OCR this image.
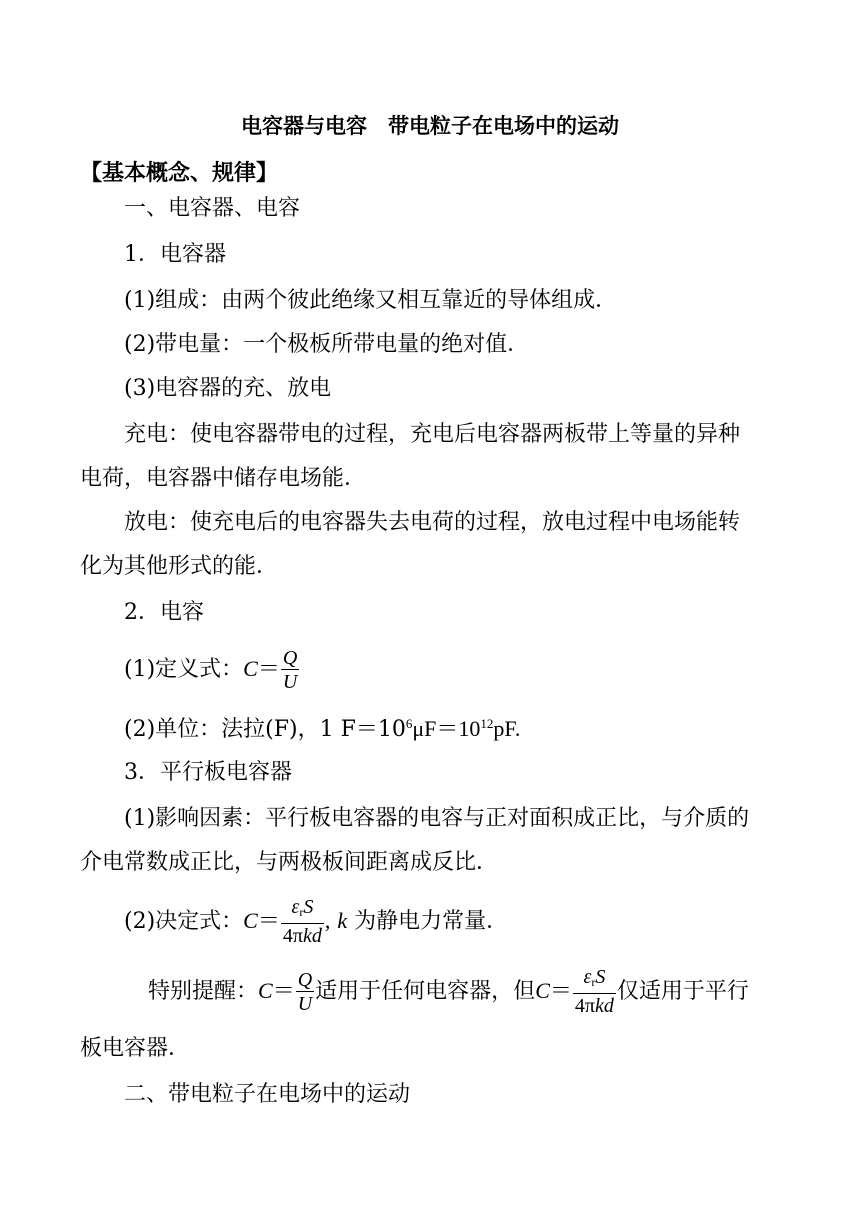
电容器与电容　带电粒子在电场中的运动
【基本概念、规律】
一、电容器、电容
1．电容器
(1)组成：由两个彼此绝缘又相互靠近的导体组成．
(2)带电量：一个极板所带电量的绝对值．
(3)电容器的充、放电
充电：使电容器带电的过程，充电后电容器两板带上等量的异种
电荷，电容器中储存电场能．
放电：使充电后的电容器失去电荷的过程，放电过程中电场能转
化为其他形式的能．
2．电容
(1)定义式：$C= \frac{Q}{U}$
(2)单位：法拉(F)，1 $F=10^6\mu F=10^{12}pF$.
3．平行板电容器
(1)影响因素：平行板电容器的电容与正对面积成正比，与介质的
介电常数成正比，与两极板间距离成反比．
(2)决定式：$C= \frac{\varepsilon_rS}{\text{4πkd}}$ , k 为静电力常量．
特别提醒：$C= \frac{Q}{U}$ 适用于任何电容器，但$C= \frac{\varepsilon_rS}{\text{4πkd}}$ 仅适用于平行
板电容器．
二、带电粒子在电场中的运动
